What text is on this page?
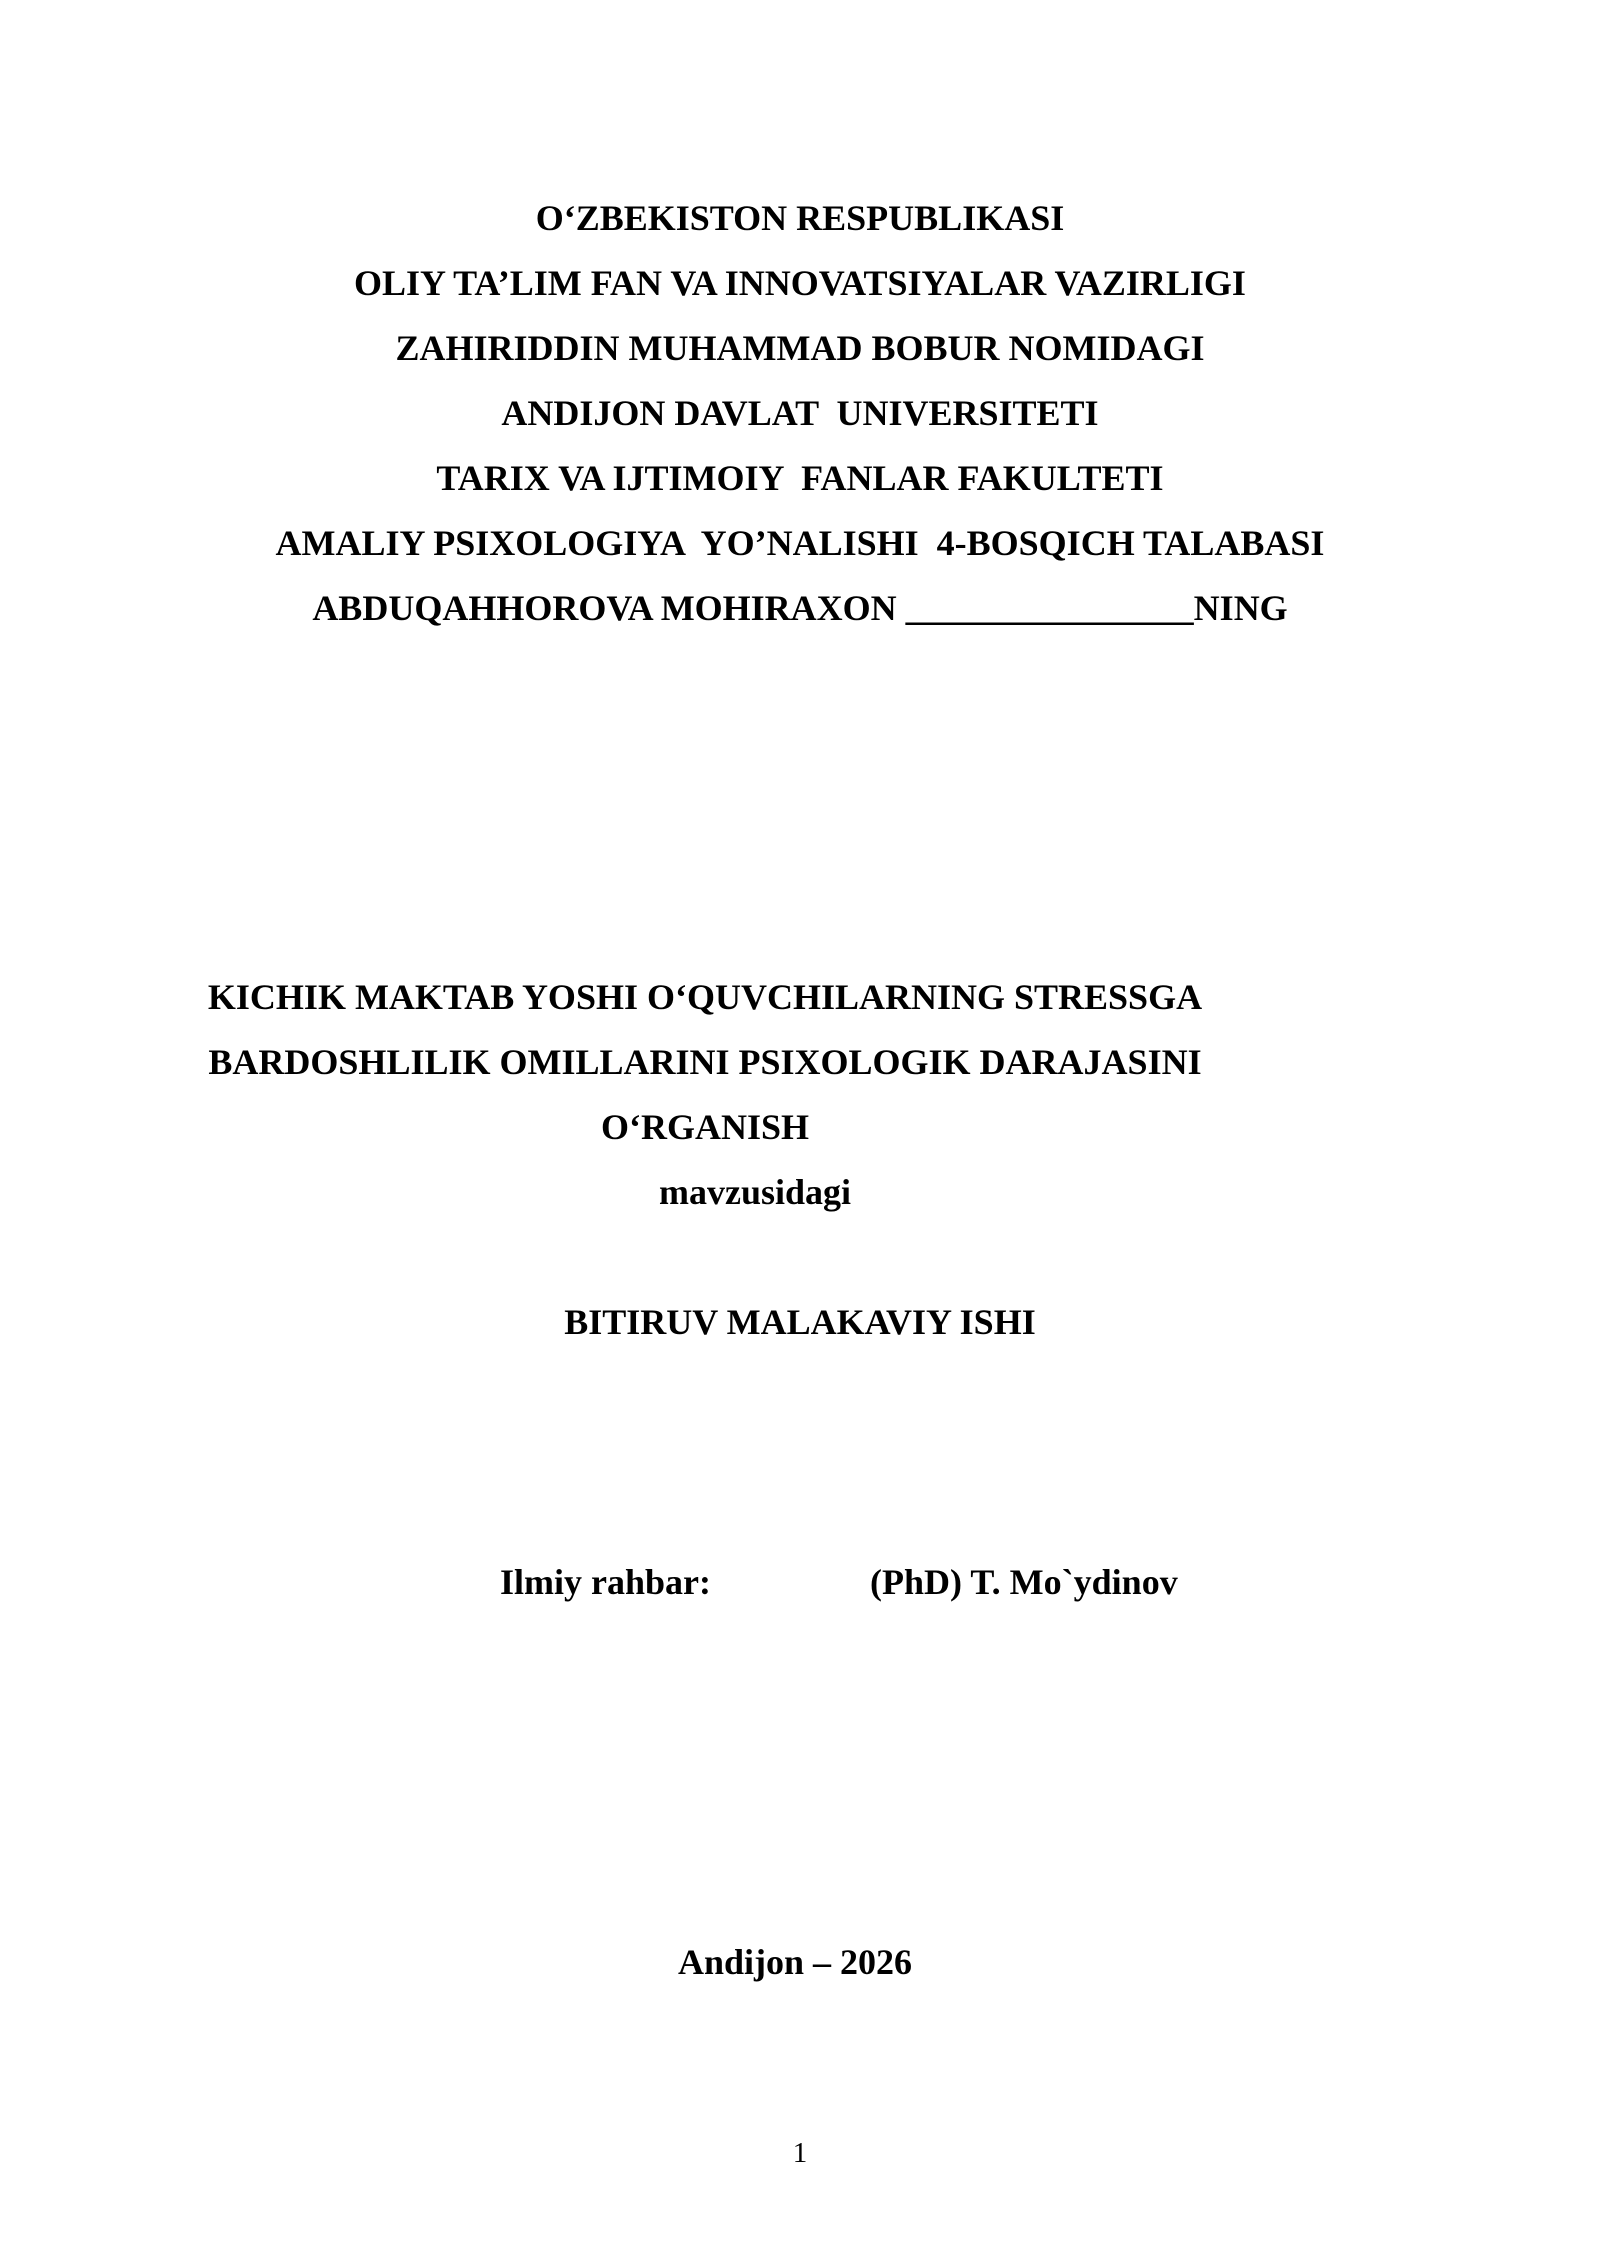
O‘ZBEKISTON RESPUBLIKASI
OLIY TA’LIM FAN VA INNOVATSIYALAR VAZIRLIGI
ZAHIRIDDIN MUHAMMAD BOBUR NOMIDAGI
ANDIJON DAVLAT  UNIVERSITETI
TARIX VA IJTIMOIY  FANLAR FAKULTETI
AMALIY PSIXOLOGIYA  YO’NALISHI  4-BOSQICH TALABASI
ABDUQAHHOROVA MOHIRAXON ________________NING
KICHIK MAKTAB YOSHI O‘QUVCHILARNING STRESSGA
BARDOSHLILIK OMILLARINI PSIXOLOGIK DARAJASINI
O‘RGANISH
mavzusidagi
BITIRUV MALAKAVIY ISHI
Ilmiy rahbar:	(PhD) T. Mo`ydinov
Andijon – 2026
1
